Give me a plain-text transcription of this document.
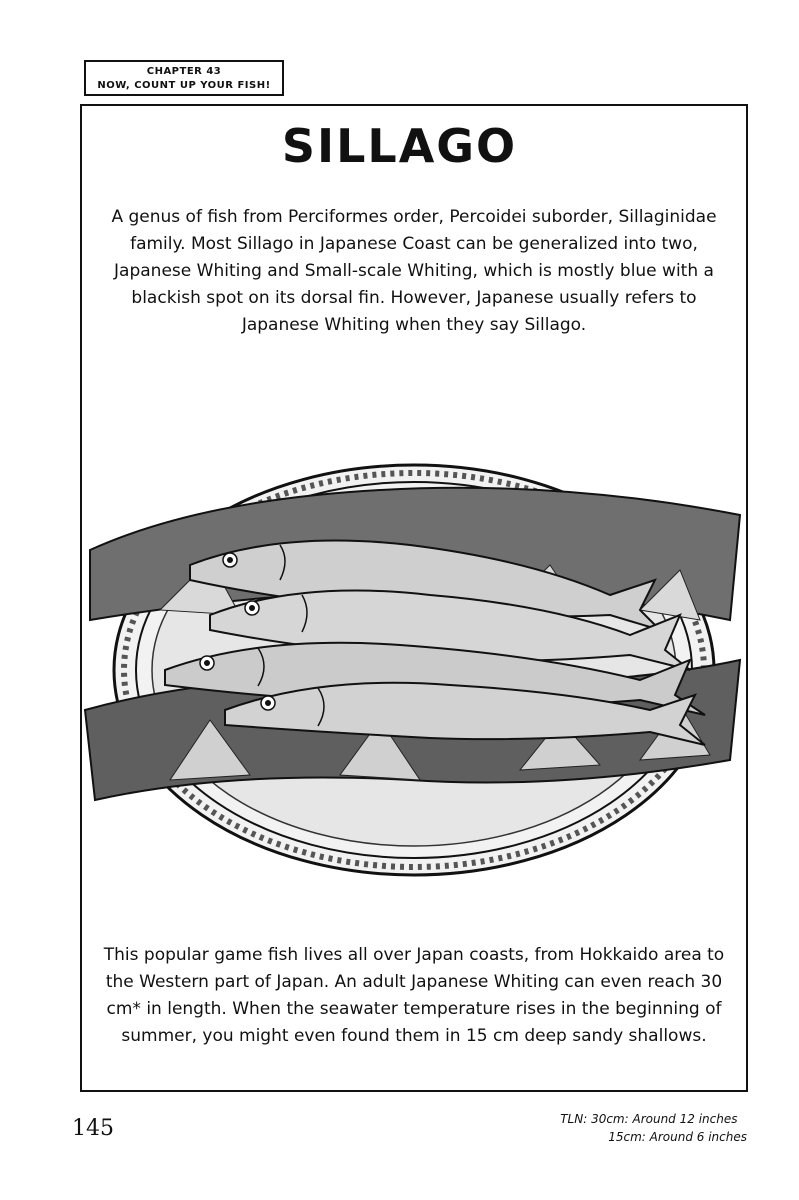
CHAPTER 43
NOW, COUNT UP YOUR FISH!
SILLAGO
A genus of fish from Perciformes order, Percoidei suborder, Sillaginidae family. Most Sillago in Japanese Coast can be generalized into two, Japanese Whiting and Small-scale Whiting, which is mostly blue with a blackish spot on its dorsal fin. However, Japanese usually refers to Japanese Whiting when they say Sillago.
This popular game fish lives all over Japan coasts, from Hokkaido area to the Western part of Japan. An adult Japanese Whiting can even reach 30 cm* in length. When the seawater temperature rises in the beginning of summer, you might even found them in 15 cm deep sandy shallows.
145	TLN: 30cm: Around 12 inches
15cm: Around 6 inches
